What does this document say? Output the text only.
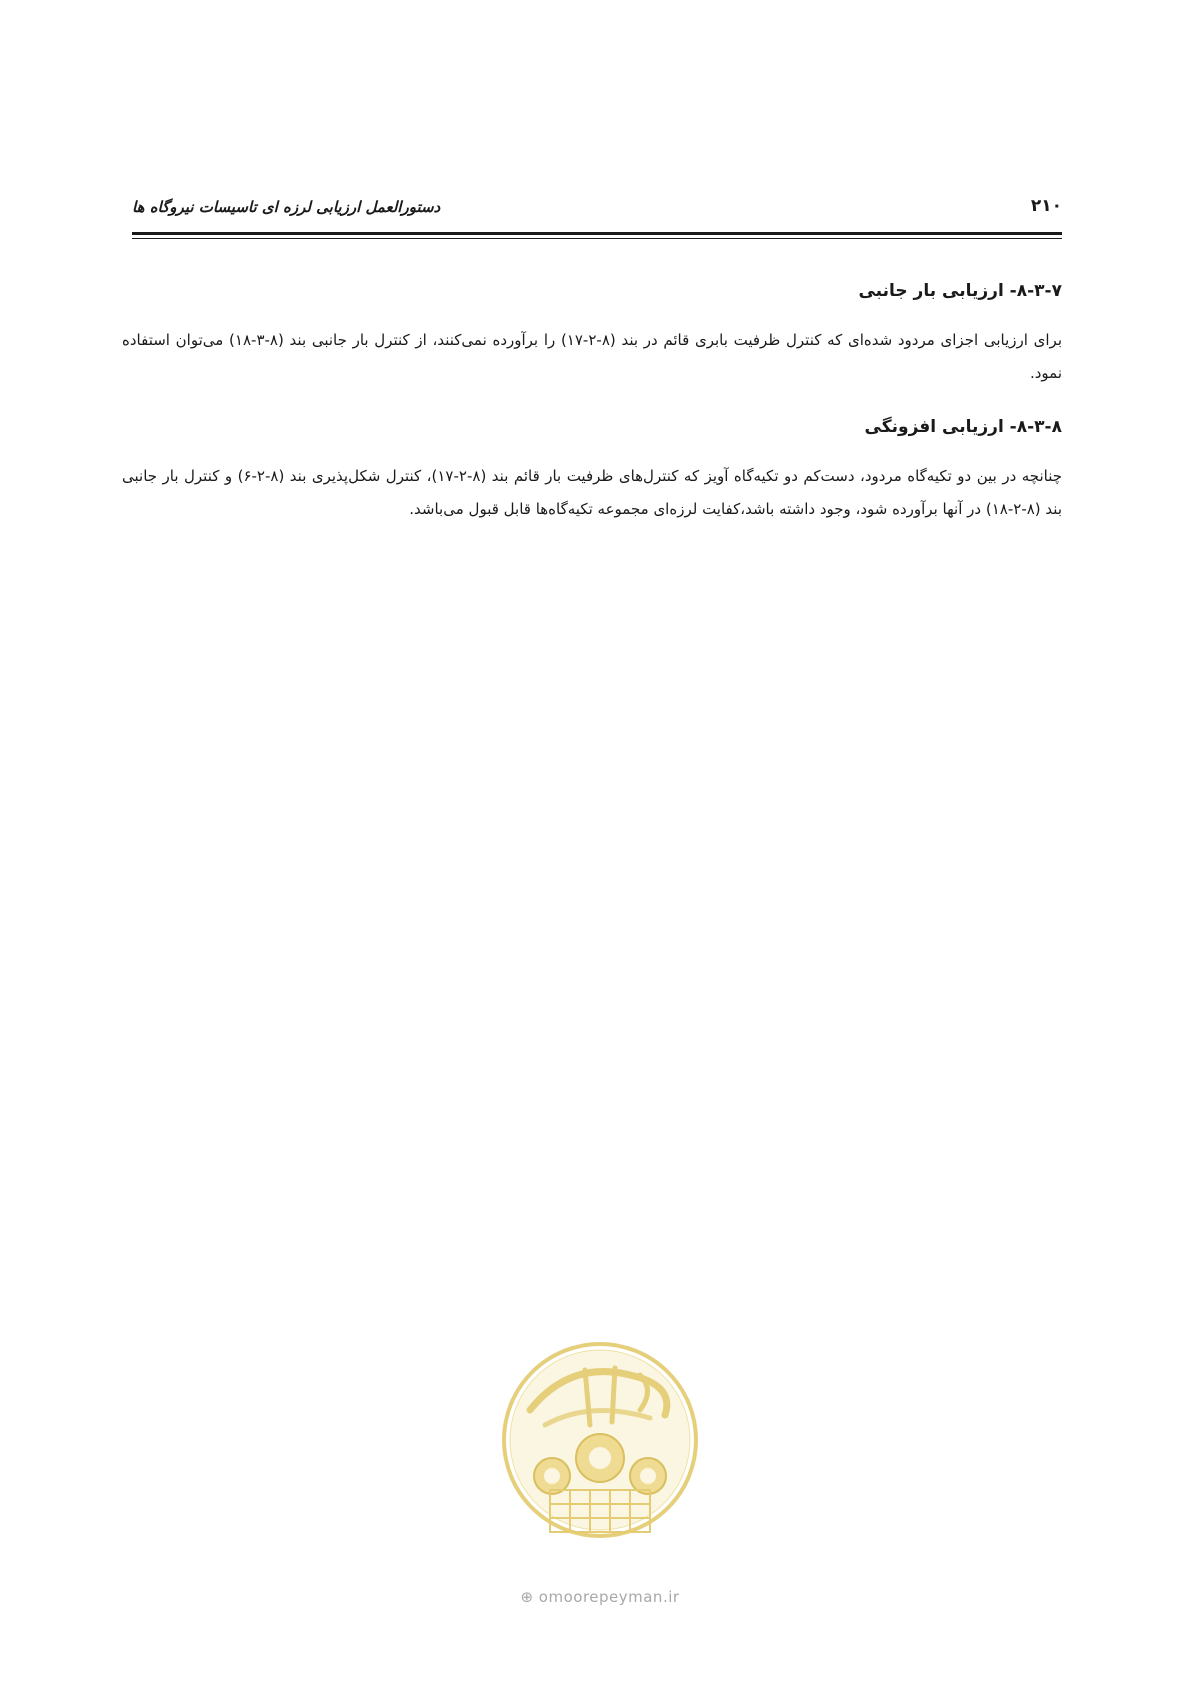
۲۱۰
دستورالعمل ارزیابی لرزه ای تاسیسات نیروگاه ها
۸-۳-۷- ارزیابی بار جانبی

برای ارزیابی اجزای مردود شده‌ای که کنترل ظرفیت بابری قائم در بند (۸-۲-۱۷) را برآورده نمی‌کنند، از کنترل بار جانبی بند (۸-۳-۱۸) می‌توان استفاده نمود.

۸-۳-۸- ارزیابی افزونگی

چنانچه در بین دو تکیه‌گاه مردود، دست‌کم دو تکیه‌گاه آویز که کنترل‌های ظرفیت بار قائم بند (۸-۲-۱۷)، کنترل شکل‌پذیری بند (۸-۲-۶) و کنترل بار جانبی بند (۸-۲-۱۸) در آنها برآورده شود، وجود داشته باشد،کفایت لرزه‌ای مجموعه تکیه‌گاه‌ها قابل قبول می‌باشد.

⊕ omoorepeyman.ir
